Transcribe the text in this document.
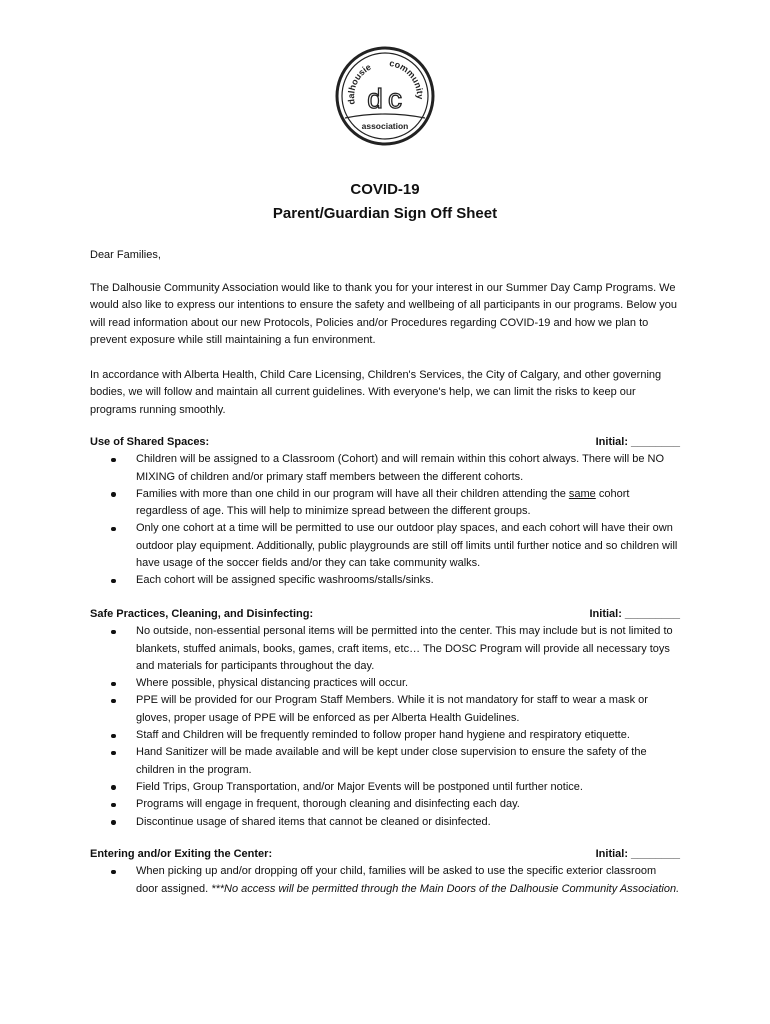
dalhousie community
association
d c
COVID-19
Parent/Guardian Sign Off Sheet
Dear Families,
The Dalhousie Community Association would like to thank you for your interest in our Summer Day Camp Programs. We would also like to express our intentions to ensure the safety and wellbeing of all participants in our programs. Below you will read information about our new Protocols, Policies and/or Procedures regarding COVID-19 and how we plan to prevent exposure while still maintaining a fun environment.
In accordance with Alberta Health, Child Care Licensing, Children's Services, the City of Calgary, and other governing bodies, we will follow and maintain all current guidelines. With everyone's help, we can limit the risks to keep our programs running smoothly.
Use of Shared Spaces:	Initial: ________
Children will be assigned to a Classroom (Cohort) and will remain within this cohort always. There will be NO MIXING of children and/or primary staff members between the different cohorts.
Families with more than one child in our program will have all their children attending the same cohort regardless of age. This will help to minimize spread between the different groups.
Only one cohort at a time will be permitted to use our outdoor play spaces, and each cohort will have their own outdoor play equipment. Additionally, public playgrounds are still off limits until further notice and so children will have usage of the soccer fields and/or they can take community walks.
Each cohort will be assigned specific washrooms/stalls/sinks.
Safe Practices, Cleaning, and Disinfecting:	Initial: _________
No outside, non-essential personal items will be permitted into the center. This may include but is not limited to blankets, stuffed animals, books, games, craft items, etc… The DOSC Program will provide all necessary toys and materials for participants throughout the day.
Where possible, physical distancing practices will occur.
PPE will be provided for our Program Staff Members. While it is not mandatory for staff to wear a mask or gloves, proper usage of PPE will be enforced as per Alberta Health Guidelines.
Staff and Children will be frequently reminded to follow proper hand hygiene and respiratory etiquette.
Hand Sanitizer will be made available and will be kept under close supervision to ensure the safety of the children in the program.
Field Trips, Group Transportation, and/or Major Events will be postponed until further notice.
Programs will engage in frequent, thorough cleaning and disinfecting each day.
Discontinue usage of shared items that cannot be cleaned or disinfected.
Entering and/or Exiting the Center:	Initial: ________
When picking up and/or dropping off your child, families will be asked to use the specific exterior classroom door assigned. ***No access will be permitted through the Main Doors of the Dalhousie Community Association.
